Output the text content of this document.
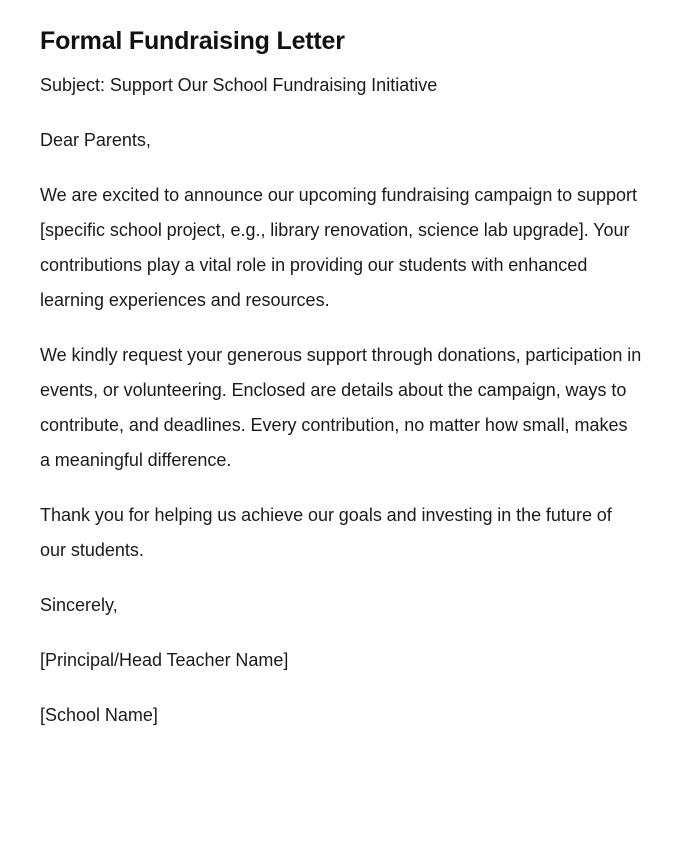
Formal Fundraising Letter

Subject: Support Our School Fundraising Initiative

Dear Parents,

We are excited to announce our upcoming fundraising campaign to support [specific school project, e.g., library renovation, science lab upgrade]. Your contributions play a vital role in providing our students with enhanced learning experiences and resources.

We kindly request your generous support through donations, participation in events, or volunteering. Enclosed are details about the campaign, ways to contribute, and deadlines. Every contribution, no matter how small, makes a meaningful difference.

Thank you for helping us achieve our goals and investing in the future of our students.

Sincerely,

[Principal/Head Teacher Name]

[School Name]
